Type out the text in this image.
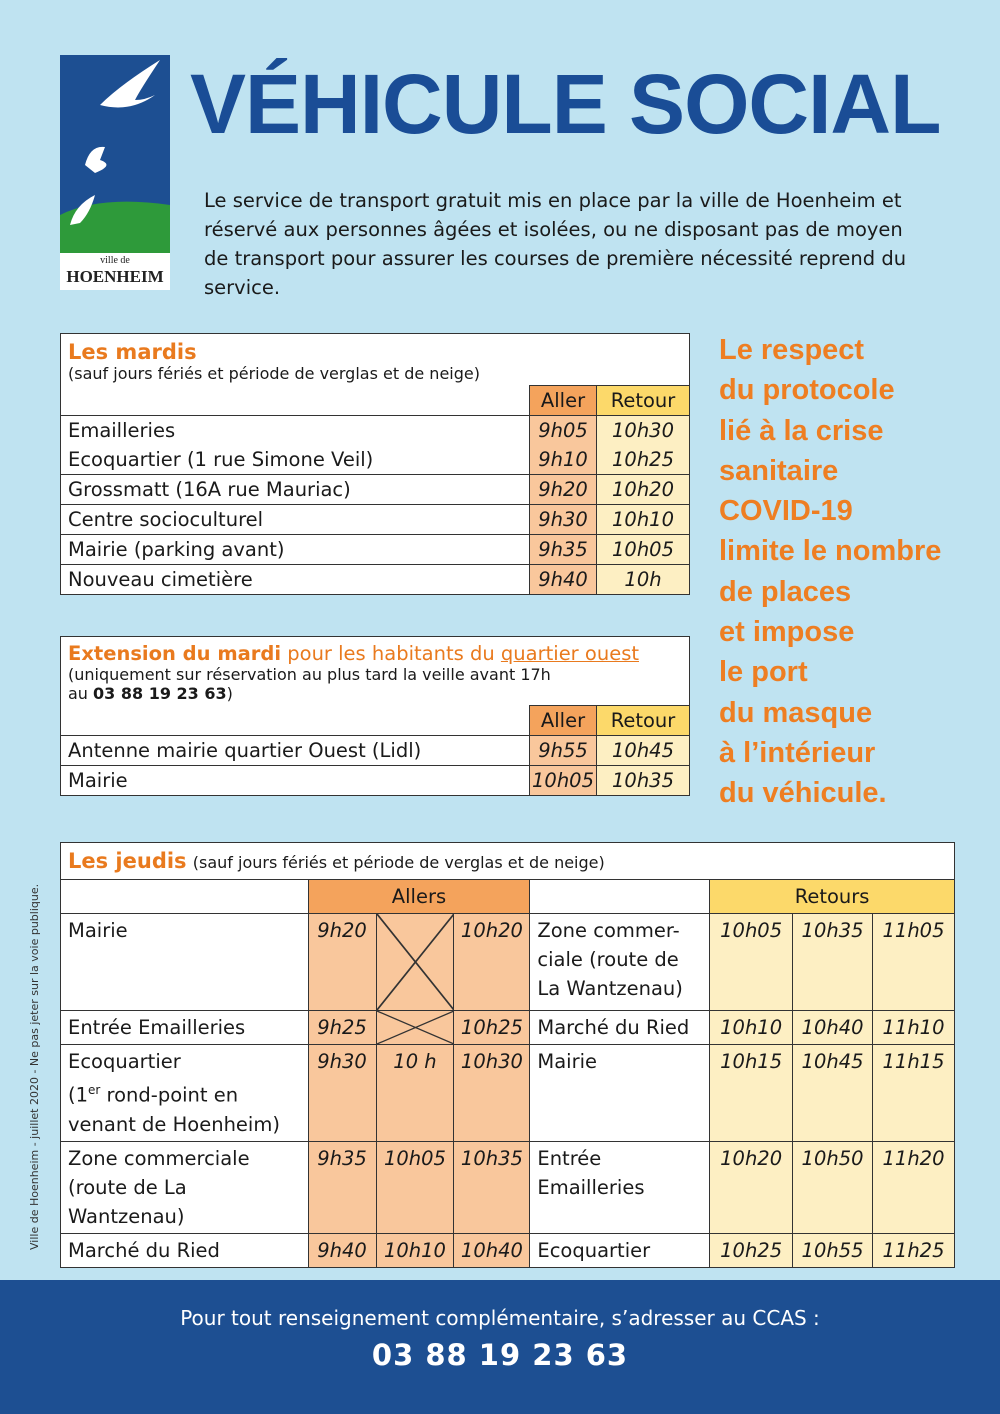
ville de
HOENHEIM
VÉHICULE SOCIAL
Le service de transport gratuit mis en place par la ville de Hoenheim et réservé aux personnes âgées et isolées, ou ne disposant pas de moyen de transport pour assurer les courses de première nécessité reprend du service.
Le respect
du protocole
lié à la crise
sanitaire
COVID-19
limite le nombre
de places
et impose
le port
du masque
à l’intérieur
du véhicule.
Les mardis
(sauf jours fériés et période de verglas et de neige)		

	Aller	Retour
Emailleries	9h05	10h30
Ecoquartier (1 rue Simone Veil)	9h10	10h25
Grossmatt (16A rue Mauriac)	9h20	10h20
Centre socioculturel	9h30	10h10
Mairie (parking avant)	9h35	10h05
Nouveau cimetière	9h40	10h
Extension du mardi pour les habitants du quartier ouest
(uniquement sur réservation au plus tard la veille avant 17h
au 03 88 19 23 63)		

	Aller	Retour
Antenne mairie quartier Ouest (Lidl)	9h55	10h45
Mairie	10h05	10h35
Les jeudis (sauf jours fériés et période de verglas et de neige)							
	Allers				Retours		
Mairie	9h20		10h20	Zone commer-ciale (route de La Wantzenau)	10h05	10h35	11h05
Entrée Emailleries	9h25		10h25	Marché du Ried	10h10	10h40	11h10
Ecoquartier
(1er rond-point en
venant de Hoenheim)	9h30	10 h	10h30	Mairie	10h15	10h45	11h15
Zone commerciale (route de La Wantzenau)	9h35	10h05	10h35	Entrée Emailleries	10h20	10h50	11h20
Marché du Ried	9h40	10h10	10h40	Ecoquartier	10h25	10h55	11h25
Ville de Hoenheim - juillet 2020 - Ne pas jeter sur la voie publique.
Pour tout renseignement complémentaire, s’adresser au CCAS :
03 88 19 23 63
